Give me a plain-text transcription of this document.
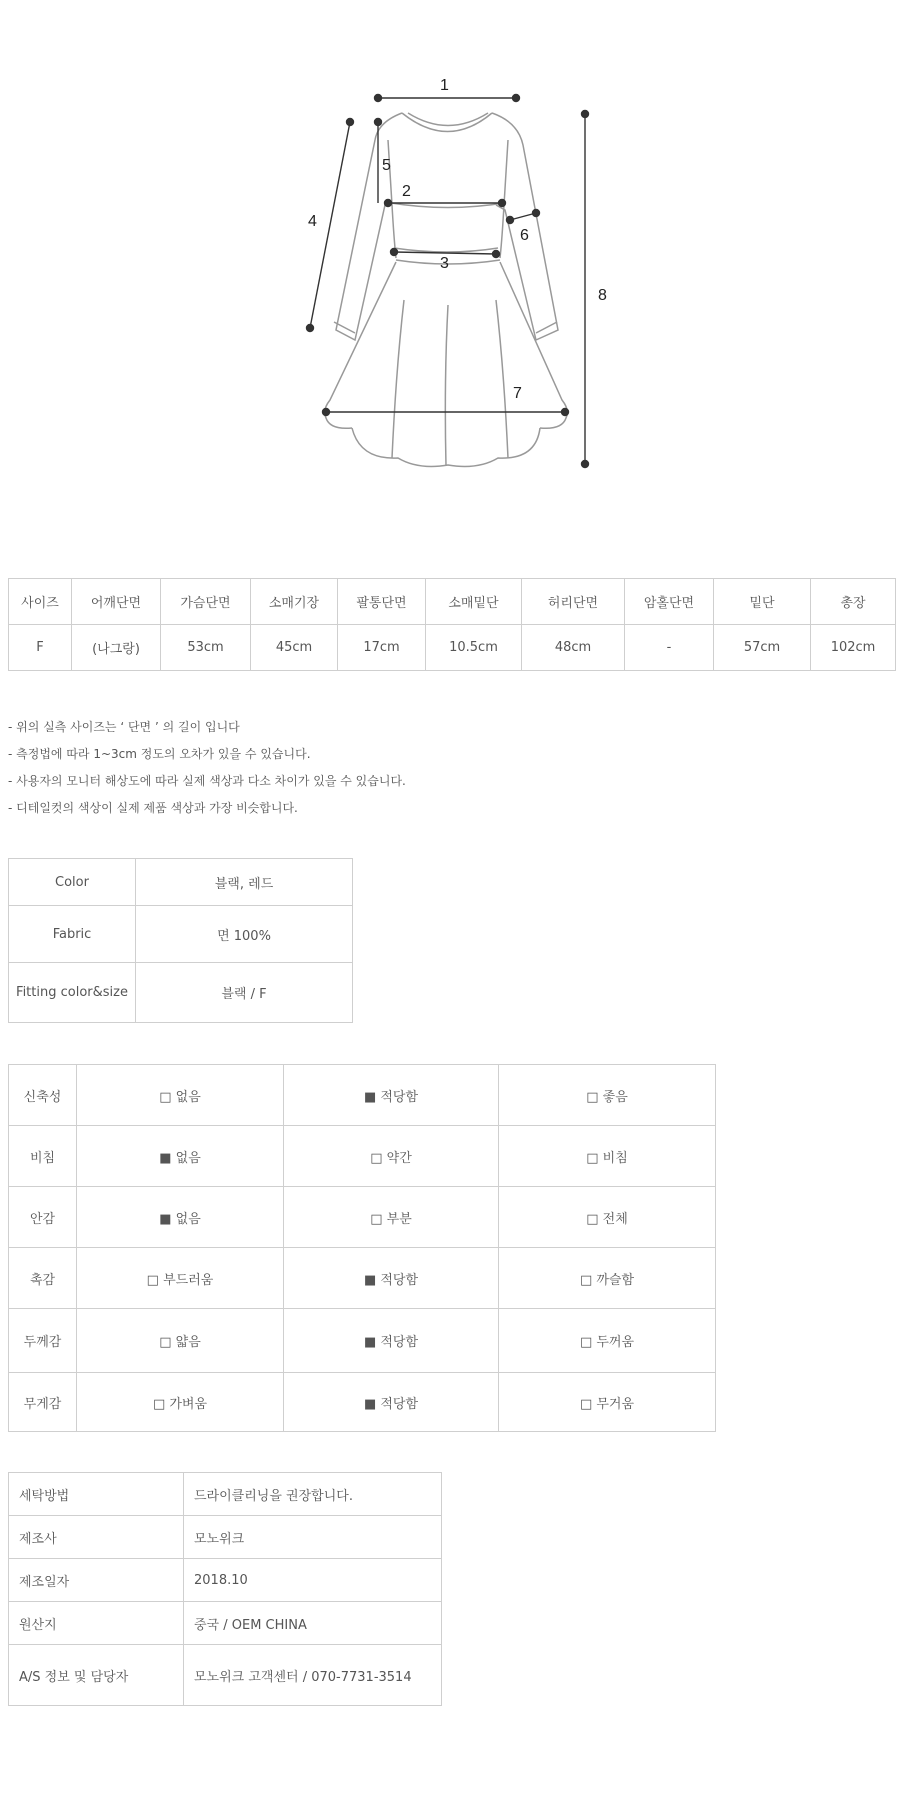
1
2
3
4
5
6
7
8
사이즈	어깨단면	가슴단면	소매기장	팔통단면	소매밑단	허리단면	암홀단면	밑단	총장
F	(나그랑)	53cm	45cm	17cm	10.5cm	48cm	-	57cm	102cm
- 위의 실측 사이즈는 ‘ 단면 ’ 의 길이 입니다
- 측정법에 따라 1~3cm 정도의 오차가 있을 수 있습니다.
- 사용자의 모니터 해상도에 따라 실제 색상과 다소 차이가 있을 수 있습니다.
- 디테일컷의 색상이 실제 제품 색상과 가장 비슷합니다.
Color	블랙, 레드
Fabric	면 100%
Fitting color&size	블랙 / F
신축성	□ 없음	■ 적당함	□ 좋음
비침	■ 없음	□ 약간	□ 비침
안감	■ 없음	□ 부분	□ 전체
촉감	□ 부드러움	■ 적당함	□ 까슬함
두께감	□ 얇음	■ 적당함	□ 두꺼움
무게감	□ 가벼움	■ 적당함	□ 무거움
세탁방법	드라이클리닝을 권장합니다.
제조사	모노위크
제조일자	2018.10
원산지	중국 / OEM CHINA
A/S 정보 및 담당자	모노위크 고객센터 / 070-7731-3514
